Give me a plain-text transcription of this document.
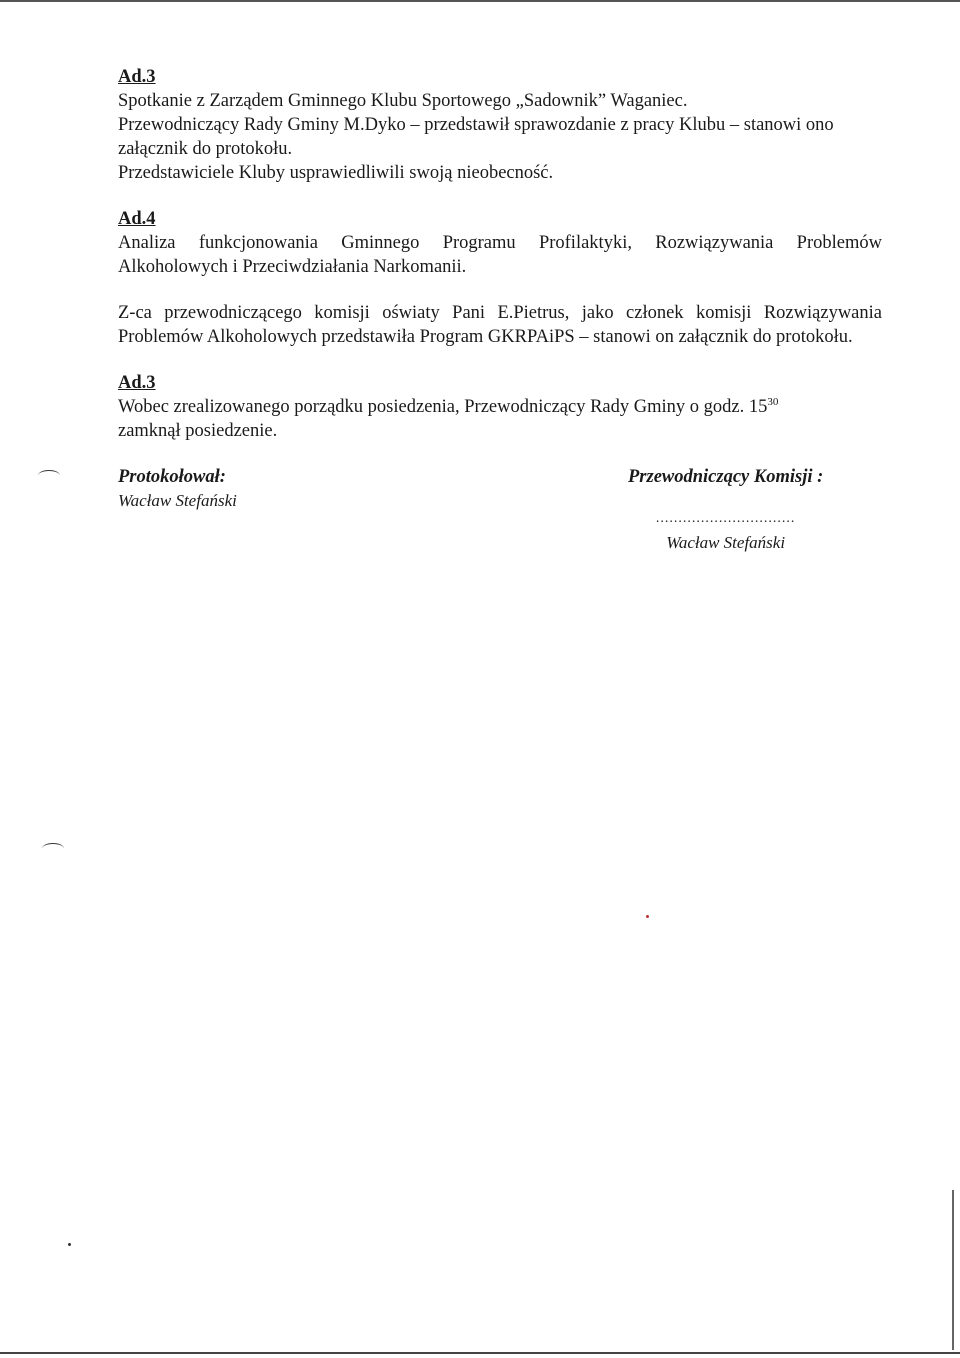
Ad.3

Spotkanie z Zarządem Gminnego Klubu Sportowego „Sadownik” Waganiec.

Przewodniczący Rady Gminy M.Dyko – przedstawił sprawozdanie z pracy Klubu – stanowi ono załącznik do protokołu.

Przedstawiciele Kluby usprawiedliwili swoją nieobecność.

Ad.4

Analiza funkcjonowania Gminnego Programu Profilaktyki, Rozwiązywania Problemów Alkoholowych i Przeciwdziałania Narkomanii.

Z-ca przewodniczącego komisji oświaty Pani E.Pietrus, jako członek komisji Rozwiązywania Problemów Alkoholowych przedstawiła Program GKRPAiPS – stanowi on załącznik do protokołu.

Ad.3

Wobec zrealizowanego porządku posiedzenia, Przewodniczący Rady Gminy o godz. $15^{30}$

zamknął posiedzenie.

Protokołował:
Wacław Stefański
Przewodniczący Komisji :
...............................
Wacław Stefański
